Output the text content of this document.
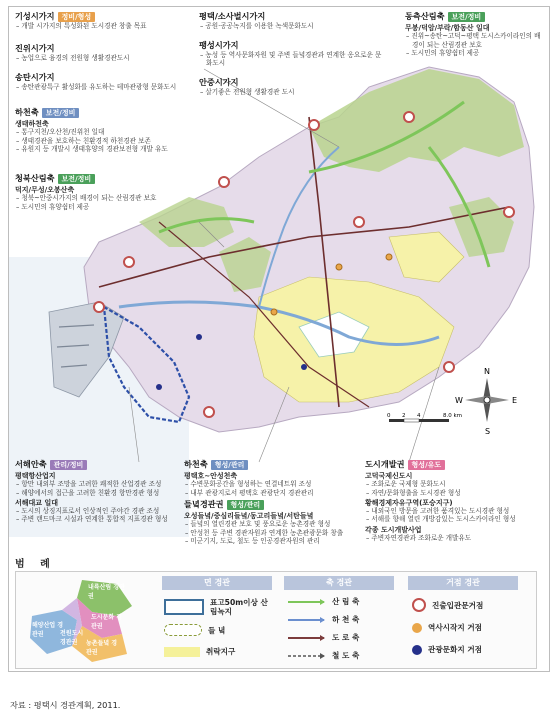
N
S
E
W
0 2 4	8.0 km
기성시가지	정비/형성
– 개발 시가지의 특성화된 도시경관 창출 목표
진위시가지
– 농업으로 융경의 전원형 생활경관도시
송탄시가지
– 송탄관광특구 활성화를 유도하는 테마관광형 문화도시
하천축	보전/정비
생태하천축
– 통구지천/오산천/진위천 일대
– 생태경관을 보호하는 친환경적 하천경관 보존
– 유원지 등 개발시 생태휴양의 경관보전형 개발 유도
청북산림축	보전/정비
덕지/무성/오봉산축
– 청북~안중시가지의 배경이 되는 산림경관 보호
– 도시민의 휴양쉼터 제공
평택/소사벌시가지
– 공원·공공녹지를 이용한 녹색문화도시
팽성시가지
– 농성 등 역사문화자원 및 주변 들녘경관과 연계한 옹요로운 문화도시
안중시가지
– 살기좋은 전원형 생활경관 도시
동측산림축	보전/정비
무봉/덕암/부락/함동산 일대
– 진위~송탄~고덕~평택 도시스카이라인의 배경이 되는 산림경관 보호
– 도시민의 휴양쉼터 제공
서해안축	관리/정비
평택항산업지
– 항만 내외부 조망을 고려한 쾌적한 산업경관 조성
– 해양에서의 접근을 고려한 친환경 항만경관 형성
서해대교 일대
– 도시의 상징지표로서 인상적인 주야간 경관 조성
– 주변 랜드마크 시설과 연계한 통합적 지표경관 형성
하천축	형성/관리
평택호~안성천축
– 수변문화공간을 형성하는 연결네트워 조성
– 내부 관광지로서 평택호 관광단지 경관관리
들녘경관권	형성/관리
오성들녘/중심리들녘/동고리들녘/서탄들녘
– 들녘의 열린경관 보호 및 풍요로운 농촌경관 형성
– 안성천 등 주변 경관자원과 연계한 농촌관광문화 창출
– 미군기지, 도로, 철도 등 인공경관자원의 관리
도시개발권	형성/유도
고덕국제신도시
– 조화로운 국제형 문화도시
– 자연/문화형출을 도시경관 형성
황해경제자유구역(포승지구)
– 내외국인 방문을 고려한 품격있는 도시경관 형성
– 서해를 향해 열린 개방감있는 도시스카이라인 형성
각종 도시개발사업
– 주변자연경관과 조화로운 개발유도
범 례
내륙산림 경관권
도시문화 경관권
해양산업 경관권
농촌들녘 경관권
전원도시 경관권
면 경관
표고50m이상 산림녹지
들 녘
취락지구
축 경관
산 림 축
하 천 축
도 로 축
철 도 축
거점 경관
진출입관문거점
역사시작지 거점
관광문화지 거점
자료 : 평택시 경관계획, 2011.
